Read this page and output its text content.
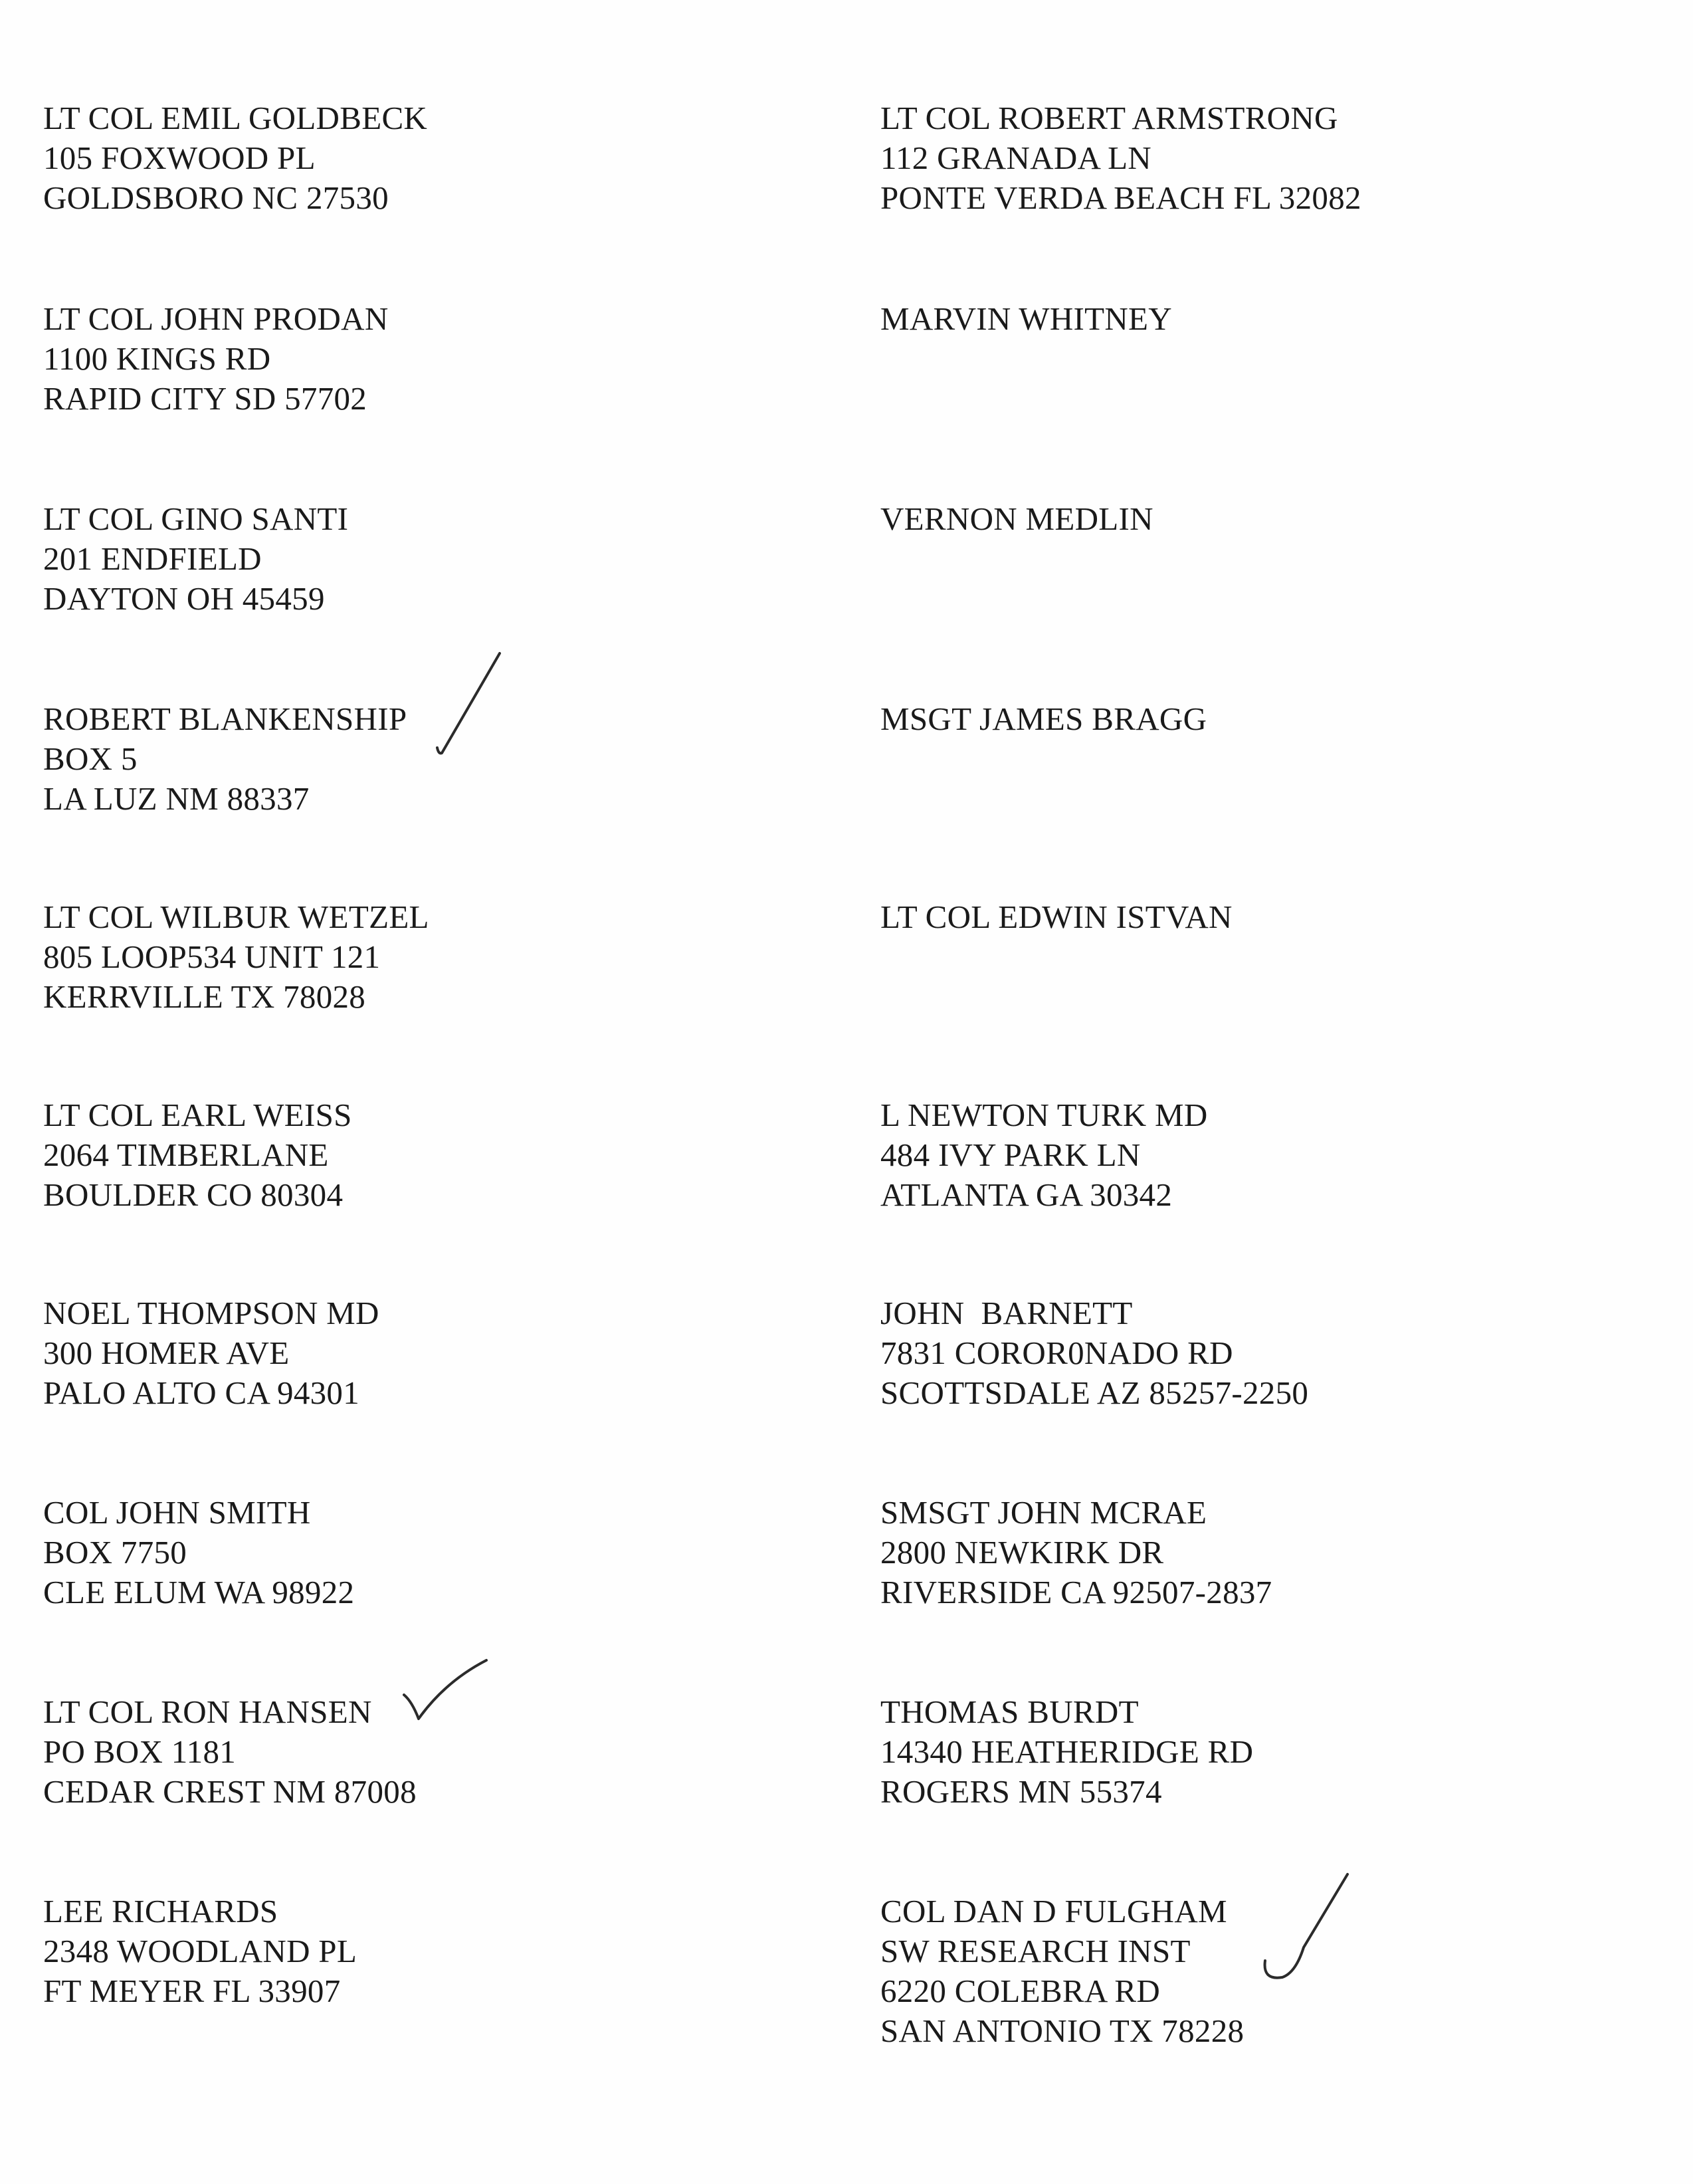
LT COL EMIL GOLDBECK
105 FOXWOOD PL
GOLDSBORO NC 27530
LT COL JOHN PRODAN
1100 KINGS RD
RAPID CITY SD 57702
LT COL GINO SANTI
201 ENDFIELD
DAYTON OH 45459
ROBERT BLANKENSHIP
BOX 5
LA LUZ NM 88337
LT COL WILBUR WETZEL
805 LOOP534 UNIT 121
KERRVILLE TX 78028
LT COL EARL WEISS
2064 TIMBERLANE
BOULDER CO 80304
NOEL THOMPSON MD
300 HOMER AVE
PALO ALTO CA 94301
COL JOHN SMITH
BOX 7750
CLE ELUM WA 98922
LT COL RON HANSEN
PO BOX 1181
CEDAR CREST NM 87008
LEE RICHARDS
2348 WOODLAND PL
FT MEYER FL 33907
LT COL ROBERT ARMSTRONG
112 GRANADA LN
PONTE VERDA BEACH FL 32082
MARVIN WHITNEY
VERNON MEDLIN
MSGT JAMES BRAGG
LT COL EDWIN ISTVAN
L NEWTON TURK MD
484 IVY PARK LN
ATLANTA GA 30342
JOHN  BARNETT
7831 COROR0NADO RD
SCOTTSDALE AZ 85257-2250
SMSGT JOHN MCRAE
2800 NEWKIRK DR
RIVERSIDE CA 92507-2837
THOMAS BURDT
14340 HEATHERIDGE RD
ROGERS MN 55374
COL DAN D FULGHAM
SW RESEARCH INST
6220 COLEBRA RD
SAN ANTONIO TX 78228
